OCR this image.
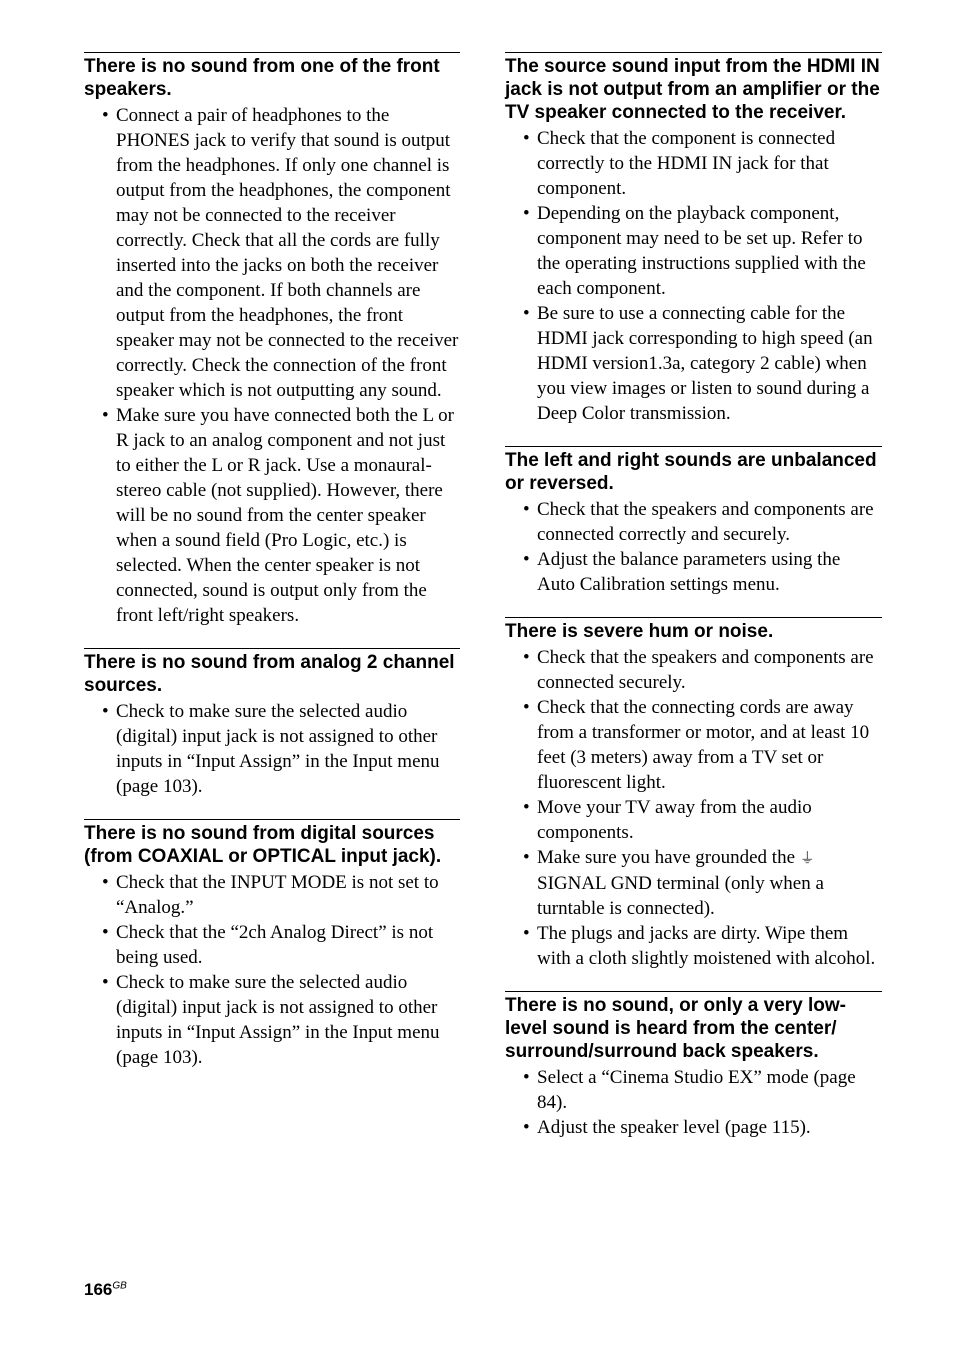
There is no sound from one of the front speakers.
• Connect a pair of headphones to the PHONES jack to verify that sound is output from the headphones. If only one channel is output from the headphones, the component may not be connected to the receiver correctly. Check that all the cords are fully inserted into the jacks on both the receiver and the component. If both channels are output from the headphones, the front speaker may not be connected to the receiver correctly. Check the connection of the front speaker which is not outputting any sound.
• Make sure you have connected both the L or R jack to an analog component and not just to either the L or R jack. Use a monaural-stereo cable (not supplied). However, there will be no sound from the center speaker when a sound field (Pro Logic, etc.) is selected. When the center speaker is not connected, sound is output only from the front left/right speakers.
There is no sound from analog 2 channel sources.
• Check to make sure the selected audio (digital) input jack is not assigned to other inputs in “Input Assign” in the Input menu (page 103).
There is no sound from digital sources (from COAXIAL or OPTICAL input jack).
• Check that the INPUT MODE is not set to “Analog.”
• Check that the “2ch Analog Direct” is not being used.
• Check to make sure the selected audio (digital) input jack is not assigned to other inputs in “Input Assign” in the Input menu (page 103).
The source sound input from the HDMI IN jack is not output from an amplifier or the TV speaker connected to the receiver.
• Check that the component is connected correctly to the HDMI IN jack for that component.
• Depending on the playback component, component may need to be set up. Refer to the operating instructions supplied with the each component.
• Be sure to use a connecting cable for the HDMI jack corresponding to high speed (an HDMI version1.3a, category 2 cable) when you view images or listen to sound during a Deep Color transmission.
The left and right sounds are unbalanced or reversed.
• Check that the speakers and components are connected correctly and securely.
• Adjust the balance parameters using the Auto Calibration settings menu.
There is severe hum or noise.
• Check that the speakers and components are connected securely.
• Check that the connecting cords are away from a transformer or motor, and at least 10 feet (3 meters) away from a TV set or fluorescent light.
• Move your TV away from the audio components.
• Make sure you have grounded the ⏚ SIGNAL GND terminal (only when a turntable is connected).
• The plugs and jacks are dirty. Wipe them with a cloth slightly moistened with alcohol.
There is no sound, or only a very low-level sound is heard from the center/ surround/surround back speakers.
• Select a “Cinema Studio EX” mode (page 84).
• Adjust the speaker level (page 115).
$166^{GB}$
